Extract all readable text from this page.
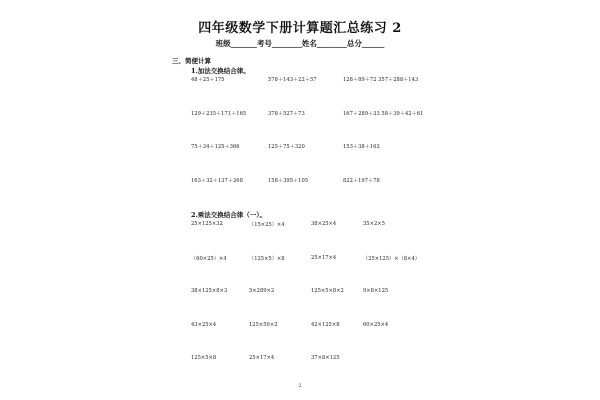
四年级数学下册计算题汇总练习 2
班级_______考号________姓名________总分______
三、简便计算
1.加法交换结合律。
48＋25＋175	578＋143＋22＋57	128＋89＋72 357＋288＋143
129＋235＋171＋165	378＋527＋73	167＋289＋33 58＋39＋42＋61
75＋34＋125＋366	125＋75＋320	153＋38＋162
163＋32＋137＋268	158＋395＋105	822＋197＋78
2.乘法交换结合律（一）。
25×125×32	（15×25）×4	38×25×4	35×2×5
（60×25）×4	（125×5）×8	25×17×4	（25×125）×（8×4）
38×125×8×3	5×289×2	125×5×8×2	9×8×125
43×25×4	125×50×2	42×125×8	60×25×4
125×5×8	25×17×4	37×8×125
2
